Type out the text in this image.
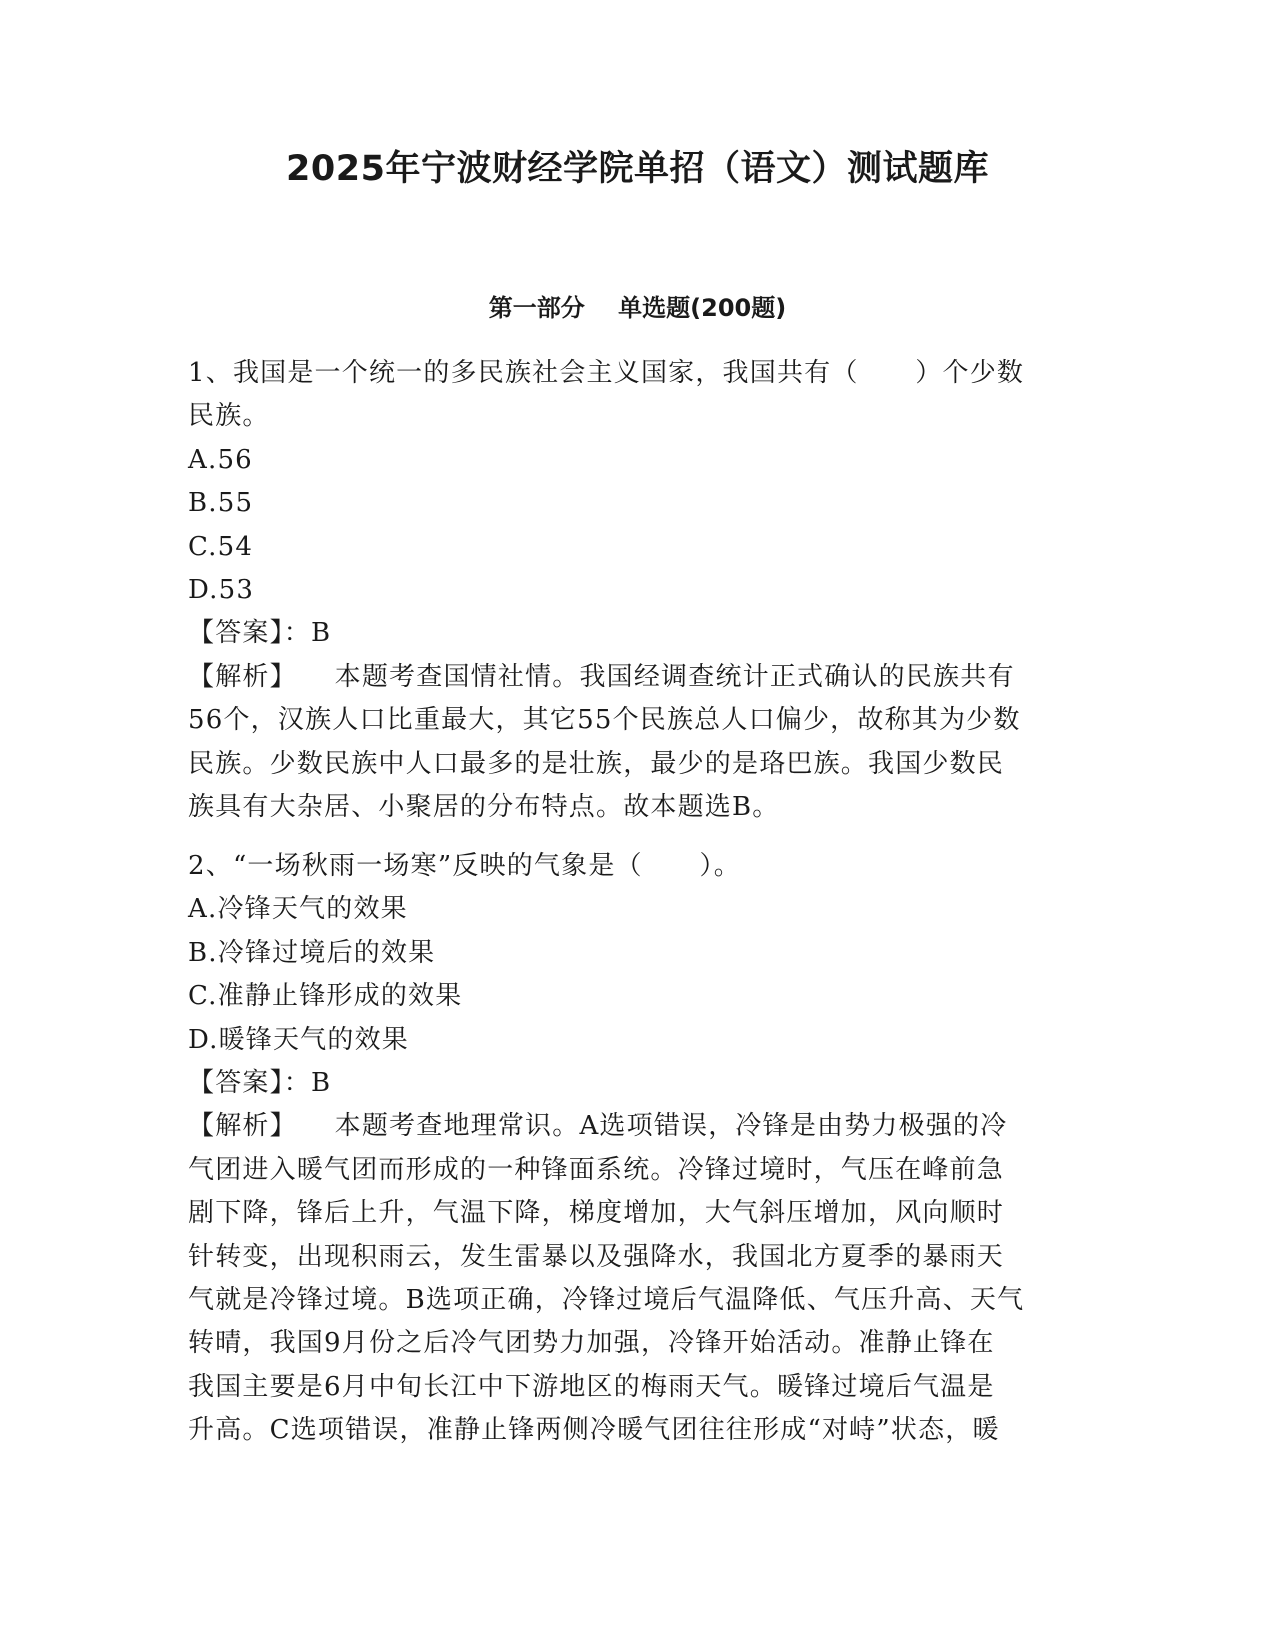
2025年宁波财经学院单招（语文）测试题库
第一部分    单选题(200题)
1、我国是一个统一的多民族社会主义国家，我国共有（      ）个少数
民族。
A.56
B.55
C.54
D.53
【答案】：B
【解析】    本题考查国情社情。我国经调查统计正式确认的民族共有
56个，汉族人口比重最大，其它55个民族总人口偏少，故称其为少数
民族。少数民族中人口最多的是壮族，最少的是珞巴族。我国少数民
族具有大杂居、小聚居的分布特点。故本题选B。
2、“一场秋雨一场寒”反映的气象是（      ）。
A.冷锋天气的效果
B.冷锋过境后的效果
C.准静止锋形成的效果
D.暖锋天气的效果
【答案】：B
【解析】    本题考查地理常识。A选项错误，冷锋是由势力极强的冷
气团进入暖气团而形成的一种锋面系统。冷锋过境时，气压在峰前急
剧下降，锋后上升，气温下降，梯度增加，大气斜压增加，风向顺时
针转变，出现积雨云，发生雷暴以及强降水，我国北方夏季的暴雨天
气就是冷锋过境。B选项正确，冷锋过境后气温降低、气压升高、天气
转晴，我国9月份之后冷气团势力加强，冷锋开始活动。准静止锋在
我国主要是6月中旬长江中下游地区的梅雨天气。暖锋过境后气温是
升高。C选项错误，准静止锋两侧冷暖气团往往形成“对峙”状态，暖
